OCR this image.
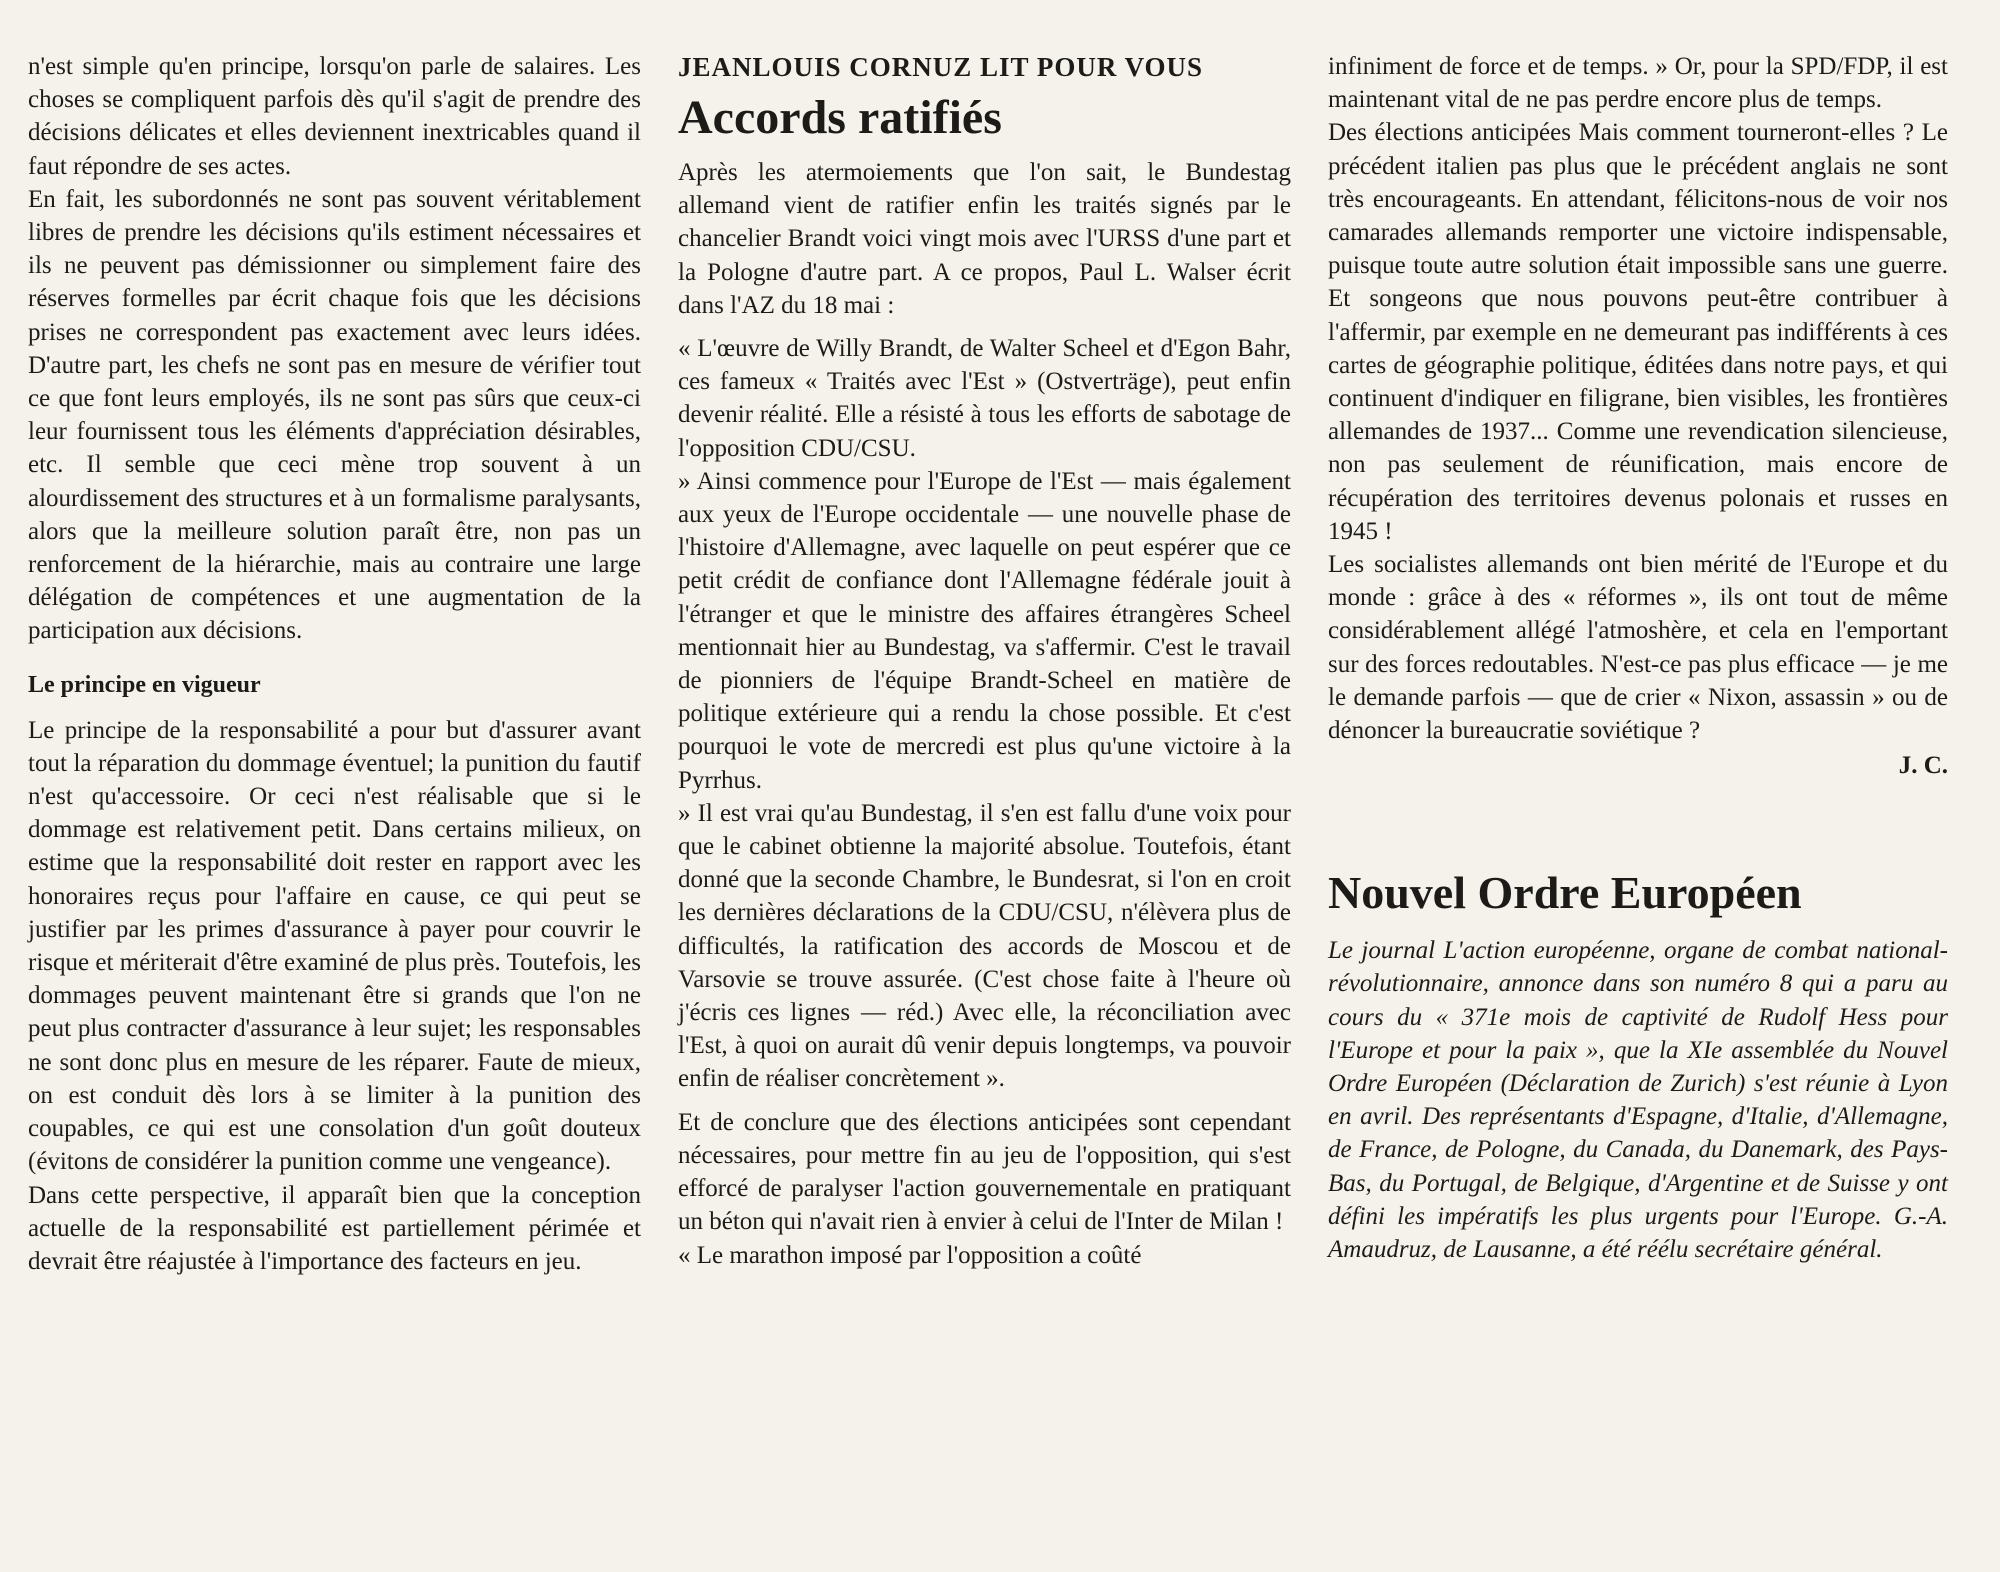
n'est simple qu'en principe, lorsqu'on parle de salaires. Les choses se compliquent parfois dès qu'il s'agit de prendre des décisions délicates et elles deviennent inextricables quand il faut répondre de ses actes.

En fait, les subordonnés ne sont pas souvent véritablement libres de prendre les décisions qu'ils estiment nécessaires et ils ne peuvent pas démissionner ou simplement faire des réserves formelles par écrit chaque fois que les décisions prises ne correspondent pas exactement avec leurs idées. D'autre part, les chefs ne sont pas en mesure de vérifier tout ce que font leurs employés, ils ne sont pas sûrs que ceux-ci leur fournissent tous les éléments d'appréciation désirables, etc. Il semble que ceci mène trop souvent à un alourdissement des structures et à un formalisme paralysants, alors que la meilleure solution paraît être, non pas un renforcement de la hiérarchie, mais au contraire une large délégation de compétences et une augmentation de la participation aux décisions.

Le principe en vigueur

Le principe de la responsabilité a pour but d'assurer avant tout la réparation du dommage éventuel; la punition du fautif n'est qu'accessoire. Or ceci n'est réalisable que si le dommage est relativement petit. Dans certains milieux, on estime que la responsabilité doit rester en rapport avec les honoraires reçus pour l'affaire en cause, ce qui peut se justifier par les primes d'assurance à payer pour couvrir le risque et mériterait d'être examiné de plus près. Toutefois, les dommages peuvent maintenant être si grands que l'on ne peut plus contracter d'assurance à leur sujet; les responsables ne sont donc plus en mesure de les réparer. Faute de mieux, on est conduit dès lors à se limiter à la punition des coupables, ce qui est une consolation d'un goût douteux (évitons de considérer la punition comme une vengeance).

Dans cette perspective, il apparaît bien que la conception actuelle de la responsabilité est partiellement périmée et devrait être réajustée à l'importance des facteurs en jeu.

JEANLOUIS CORNUZ LIT POUR VOUS
Accords ratifiés

Après les atermoiements que l'on sait, le Bundestag allemand vient de ratifier enfin les traités signés par le chancelier Brandt voici vingt mois avec l'URSS d'une part et la Pologne d'autre part. A ce propos, Paul L. Walser écrit dans l'AZ du 18 mai :

« L'œuvre de Willy Brandt, de Walter Scheel et d'Egon Bahr, ces fameux « Traités avec l'Est » (Ostverträge), peut enfin devenir réalité. Elle a résisté à tous les efforts de sabotage de l'opposition CDU/CSU.

» Ainsi commence pour l'Europe de l'Est — mais également aux yeux de l'Europe occidentale — une nouvelle phase de l'histoire d'Allemagne, avec laquelle on peut espérer que ce petit crédit de confiance dont l'Allemagne fédérale jouit à l'étranger et que le ministre des affaires étrangères Scheel mentionnait hier au Bundestag, va s'affermir. C'est le travail de pionniers de l'équipe Brandt-Scheel en matière de politique extérieure qui a rendu la chose possible. Et c'est pourquoi le vote de mercredi est plus qu'une victoire à la Pyrrhus.

» Il est vrai qu'au Bundestag, il s'en est fallu d'une voix pour que le cabinet obtienne la majorité absolue. Toutefois, étant donné que la seconde Chambre, le Bundesrat, si l'on en croit les dernières déclarations de la CDU/CSU, n'élèvera plus de difficultés, la ratification des accords de Moscou et de Varsovie se trouve assurée. (C'est chose faite à l'heure où j'écris ces lignes — réd.) Avec elle, la réconciliation avec l'Est, à quoi on aurait dû venir depuis longtemps, va pouvoir enfin de réaliser concrètement ».

Et de conclure que des élections anticipées sont cependant nécessaires, pour mettre fin au jeu de l'opposition, qui s'est efforcé de paralyser l'action gouvernementale en pratiquant un béton qui n'avait rien à envier à celui de l'Inter de Milan !

« Le marathon imposé par l'opposition a coûté

infiniment de force et de temps. » Or, pour la SPD/FDP, il est maintenant vital de ne pas perdre encore plus de temps.

Des élections anticipées Mais comment tourneront-elles ? Le précédent italien pas plus que le précédent anglais ne sont très encourageants. En attendant, félicitons-nous de voir nos camarades allemands remporter une victoire indispensable, puisque toute autre solution était impossible sans une guerre. Et songeons que nous pouvons peut-être contribuer à l'affermir, par exemple en ne demeurant pas indifférents à ces cartes de géographie politique, éditées dans notre pays, et qui continuent d'indiquer en filigrane, bien visibles, les frontières allemandes de 1937... Comme une revendication silencieuse, non pas seulement de réunification, mais encore de récupération des territoires devenus polonais et russes en 1945 !

Les socialistes allemands ont bien mérité de l'Europe et du monde : grâce à des « réformes », ils ont tout de même considérablement allégé l'atmoshère, et cela en l'emportant sur des forces redoutables. N'est-ce pas plus efficace — je me le demande parfois — que de crier « Nixon, assassin » ou de dénoncer la bureaucratie soviétique ?

J. C.
Nouvel Ordre Européen

Le journal L'action européenne, organe de combat national-révolutionnaire, annonce dans son numéro 8 qui a paru au cours du « 371e mois de captivité de Rudolf Hess pour l'Europe et pour la paix », que la XIe assemblée du Nouvel Ordre Européen (Déclaration de Zurich) s'est réunie à Lyon en avril. Des représentants d'Espagne, d'Italie, d'Allemagne, de France, de Pologne, du Canada, du Danemark, des Pays-Bas, du Portugal, de Belgique, d'Argentine et de Suisse y ont défini les impératifs les plus urgents pour l'Europe. G.-A. Amaudruz, de Lausanne, a été réélu secrétaire général.
